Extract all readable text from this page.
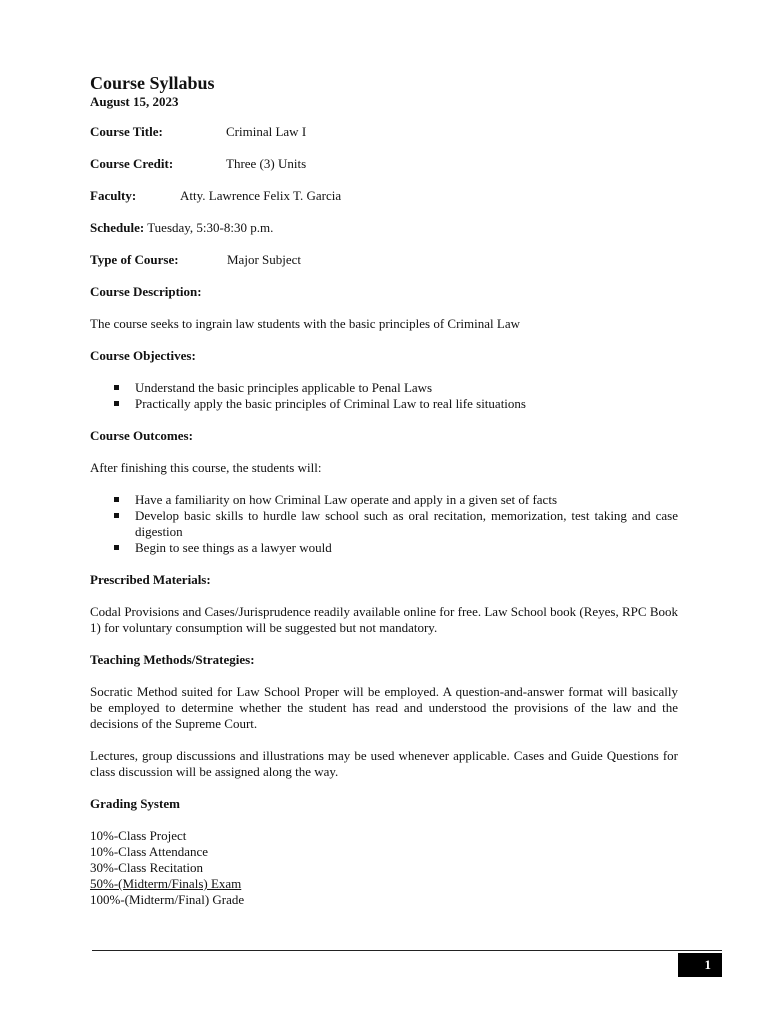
Course Syllabus
August 15, 2023
Course Title:	Criminal Law I
Course Credit:	Three (3) Units
Faculty:	Atty. Lawrence Felix T. Garcia
Schedule: Tuesday, 5:30-8:30 p.m.
Type of Course:	Major Subject
Course Description:

The course seeks to ingrain law students with the basic principles of Criminal Law

Course Objectives:
Understand the basic principles applicable to Penal Laws
Practically apply the basic principles of Criminal Law to real life situations
Course Outcomes:

After finishing this course, the students will:

Have a familiarity on how Criminal Law operate and apply in a given set of facts
Develop basic skills to hurdle law school such as oral recitation, memorization, test taking and case digestion
Begin to see things as a lawyer would
Prescribed Materials:

Codal Provisions and Cases/Jurisprudence readily available online for free. Law School book (Reyes, RPC Book 1) for voluntary consumption will be suggested but not mandatory.

Teaching Methods/Strategies:

Socratic Method suited for Law School Proper will be employed. A question-and-answer format will basically be employed to determine whether the student has read and understood the provisions of the law and the decisions of the Supreme Court.

Lectures, group discussions and illustrations may be used whenever applicable. Cases and Guide Questions for class discussion will be assigned along the way.

Grading System
10%-Class Project
10%-Class Attendance
30%-Class Recitation
50%-(Midterm/Finals) Exam
100%-(Midterm/Final) Grade
1
